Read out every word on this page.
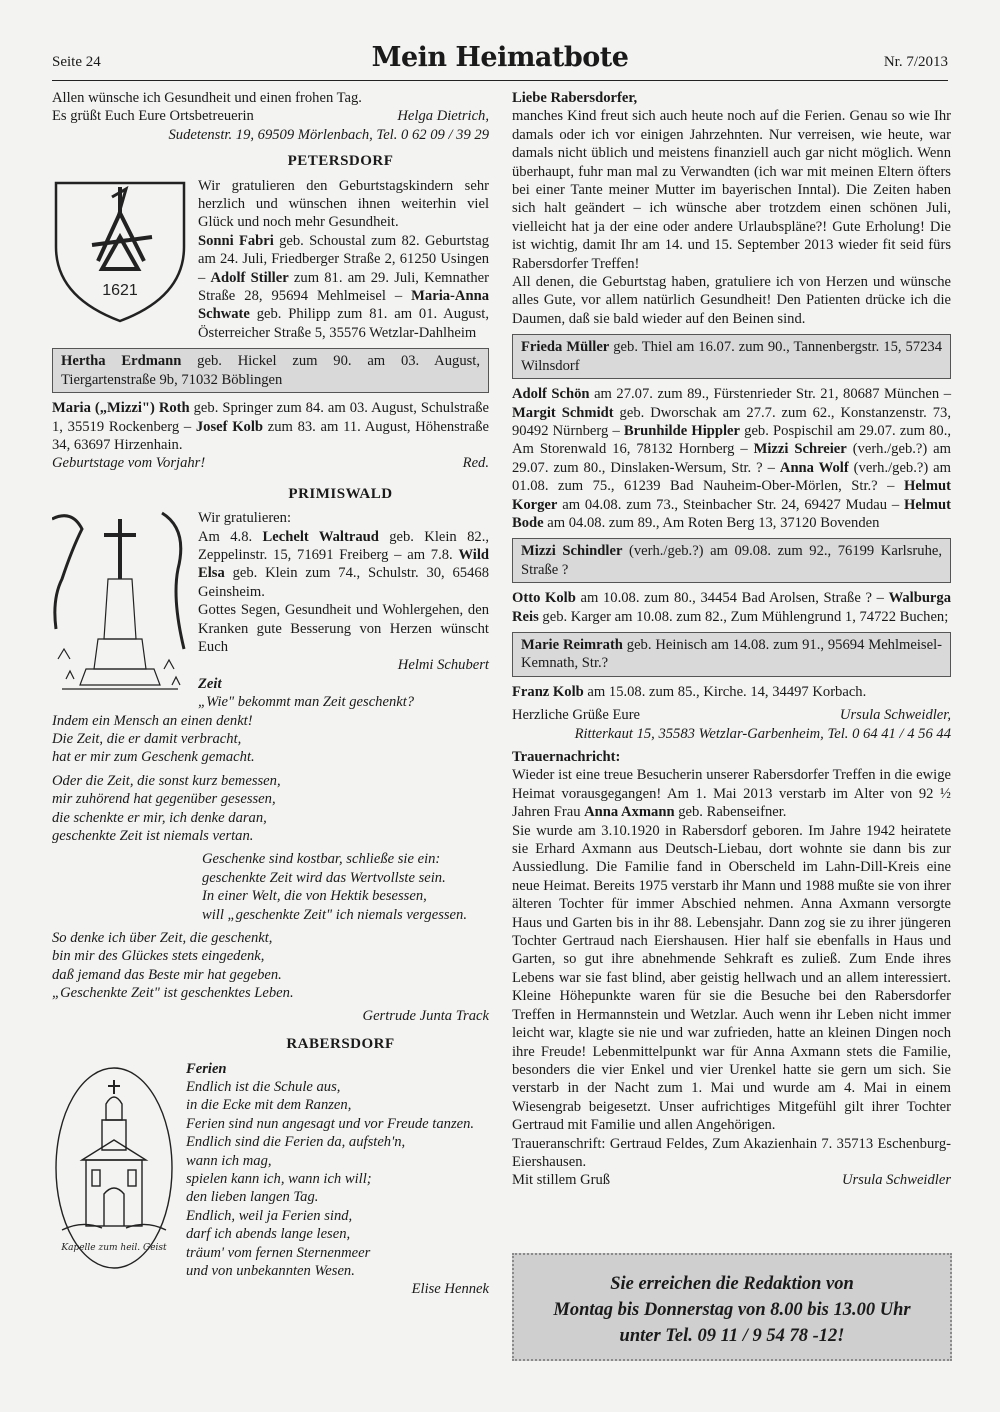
Seite 24	Mein Heimatbote	Nr. 7/2013

Allen wünsche ich Gesundheit und einen frohen Tag.

Es grüßt Euch Eure Ortsbetreuerin	Helga Dietrich,

Sudetenstr. 19, 69509 Mörlenbach, Tel. 0 62 09 / 39 29

PETERSDORF
1621

Wir gratulieren den Geburtstagskindern sehr herzlich und wünschen ihnen weiterhin viel Glück und noch mehr Gesundheit.

Sonni Fabri geb. Schoustal zum 82. Geburtstag am 24. Juli, Friedberger Straße 2, 61250 Usingen – Adolf Stiller zum 81. am 29. Juli, Kemnather Straße 28, 95694 Mehlmeisel – Maria-Anna Schwate geb. Philipp zum 81. am 01. August, Österreicher Straße 5, 35576 Wetzlar-Dahlheim

Hertha Erdmann geb. Hickel zum 90. am 03. August, Tiergartenstraße 9b, 71032 Böblingen

Maria („Mizzi") Roth geb. Springer zum 84. am 03. August, Schulstraße 1, 35519 Rockenberg – Josef Kolb zum 83. am 11. August, Höhenstraße 34, 63697 Hirzenhain.

Geburtstage vom Vorjahr!	Red.
PRIMISWALD

Wir gratulieren:

Am 4.8. Lechelt Waltraud geb. Klein 82., Zeppelinstr. 15, 71691 Freiberg – am 7.8. Wild Elsa geb. Klein zum 74., Schulstr. 30, 65468 Geinsheim.

Gottes Segen, Gesundheit und Wohlergehen, den Kranken gute Besserung von Herzen wünscht Euch

Helmi Schubert

Zeit

„Wie" bekommt man Zeit geschenkt?

Indem ein Mensch an einen denkt!

Die Zeit, die er damit verbracht,

hat er mir zum Geschenk gemacht.

Oder die Zeit, die sonst kurz bemessen,

mir zuhörend hat gegenüber gesessen,

die schenkte er mir, ich denke daran,

geschenkte Zeit ist niemals vertan.

Geschenke sind kostbar, schließe sie ein:

geschenkte Zeit wird das Wertvollste sein.

In einer Welt, die von Hektik besessen,

will „geschenkte Zeit" ich niemals vergessen.

So denke ich über Zeit, die geschenkt,

bin mir des Glückes stets eingedenk,

daß jemand das Beste mir hat gegeben.

„Geschenkte Zeit" ist geschenktes Leben.

Gertrude Junta Track

RABERSDORF
Kapelle zum heil. Geist

Ferien

Endlich ist die Schule aus,

in die Ecke mit dem Ranzen,

Ferien sind nun angesagt und vor Freude tanzen.

Endlich sind die Ferien da, aufsteh'n,

wann ich mag,

spielen kann ich, wann ich will;

den lieben langen Tag.

Endlich, weil ja Ferien sind,

darf ich abends lange lesen,

träum' vom fernen Sternenmeer

und von unbekannten Wesen.

Elise Hennek

Liebe Rabersdorfer,

manches Kind freut sich auch heute noch auf die Ferien. Genau so wie Ihr damals oder ich vor einigen Jahrzehnten. Nur verreisen, wie heute, war damals nicht üblich und meistens finanziell auch gar nicht möglich. Wenn überhaupt, fuhr man mal zu Verwandten (ich war mit meinen Eltern öfters bei einer Tante meiner Mutter im bayerischen Inntal). Die Zeiten haben sich halt geändert – ich wünsche aber trotzdem einen schönen Juli, vielleicht hat ja der eine oder andere Urlaubspläne?! Gute Erholung! Die ist wichtig, damit Ihr am 14. und 15. September 2013 wieder fit seid fürs Rabersdorfer Treffen!

All denen, die Geburtstag haben, gratuliere ich von Herzen und wünsche alles Gute, vor allem natürlich Gesundheit! Den Patienten drücke ich die Daumen, daß sie bald wieder auf den Beinen sind.

Frieda Müller geb. Thiel am 16.07. zum 90., Tannenbergstr. 15, 57234 Wilnsdorf

Adolf Schön am 27.07. zum 89., Fürstenrieder Str. 21, 80687 München – Margit Schmidt geb. Dworschak am 27.7. zum 62., Konstanzenstr. 73, 90492 Nürnberg – Brunhilde Hippler geb. Pospischil am 29.07. zum 80., Am Storenwald 16, 78132 Hornberg – Mizzi Schreier (verh./geb.?) am 29.07. zum 80., Dinslaken-Wersum, Str. ? – Anna Wolf (verh./geb.?) am 01.08. zum 75., 61239 Bad Nauheim-Ober-Mörlen, Str.? – Helmut Korger am 04.08. zum 73., Steinbacher Str. 24, 69427 Mudau – Helmut Bode am 04.08. zum 89., Am Roten Berg 13, 37120 Bovenden

Mizzi Schindler (verh./geb.?) am 09.08. zum 92., 76199 Karlsruhe, Straße ?

Otto Kolb am 10.08. zum 80., 34454 Bad Arolsen, Straße ? – Walburga Reis geb. Karger am 10.08. zum 82., Zum Mühlengrund 1, 74722 Buchen;

Marie Reimrath geb. Heinisch am 14.08. zum 91., 95694 Mehlmeisel-Kemnath, Str.?

Franz Kolb am 15.08. zum 85., Kirche. 14, 34497 Korbach.

Herzliche Grüße Eure	Ursula Schweidler,

Ritterkaut 15, 35583 Wetzlar-Garbenheim, Tel. 0 64 41 / 4 56 44

Trauernachricht:

Wieder ist eine treue Besucherin unserer Rabersdorfer Treffen in die ewige Heimat vorausgegangen! Am 1. Mai 2013 verstarb im Alter von 92 ½ Jahren Frau Anna Axmann geb. Rabenseifner.

Sie wurde am 3.10.1920 in Rabersdorf geboren. Im Jahre 1942 heiratete sie Erhard Axmann aus Deutsch-Liebau, dort wohnte sie dann bis zur Aussiedlung. Die Familie fand in Oberscheld im Lahn-Dill-Kreis eine neue Heimat. Bereits 1975 verstarb ihr Mann und 1988 mußte sie von ihrer älteren Tochter für immer Abschied nehmen. Anna Axmann versorgte Haus und Garten bis in ihr 88. Lebensjahr. Dann zog sie zu ihrer jüngeren Tochter Gertraud nach Eiershausen. Hier half sie ebenfalls in Haus und Garten, so gut ihre abnehmende Sehkraft es zuließ. Zum Ende ihres Lebens war sie fast blind, aber geistig hellwach und an allem interessiert. Kleine Höhepunkte waren für sie die Besuche bei den Rabersdorfer Treffen in Hermannstein und Wetzlar. Auch wenn ihr Leben nicht immer leicht war, klagte sie nie und war zufrieden, hatte an kleinen Dingen noch ihre Freude! Lebenmittelpunkt war für Anna Axmann stets die Familie, besonders die vier Enkel und vier Urenkel hatte sie gern um sich. Sie verstarb in der Nacht zum 1. Mai und wurde am 4. Mai in einem Wiesengrab beigesetzt. Unser aufrichtiges Mitgefühl gilt ihrer Tochter Gertraud mit Familie und allen Angehörigen.

Traueranschrift: Gertraud Feldes, Zum Akazienhain 7. 35713 Eschenburg-Eiershausen.

Mit stillem Gruß	Ursula Schweidler
Sie erreichen die Redaktion von
Montag bis Donnerstag von 8.00 bis 13.00 Uhr
unter Tel. 09 11 / 9 54 78 -12!
